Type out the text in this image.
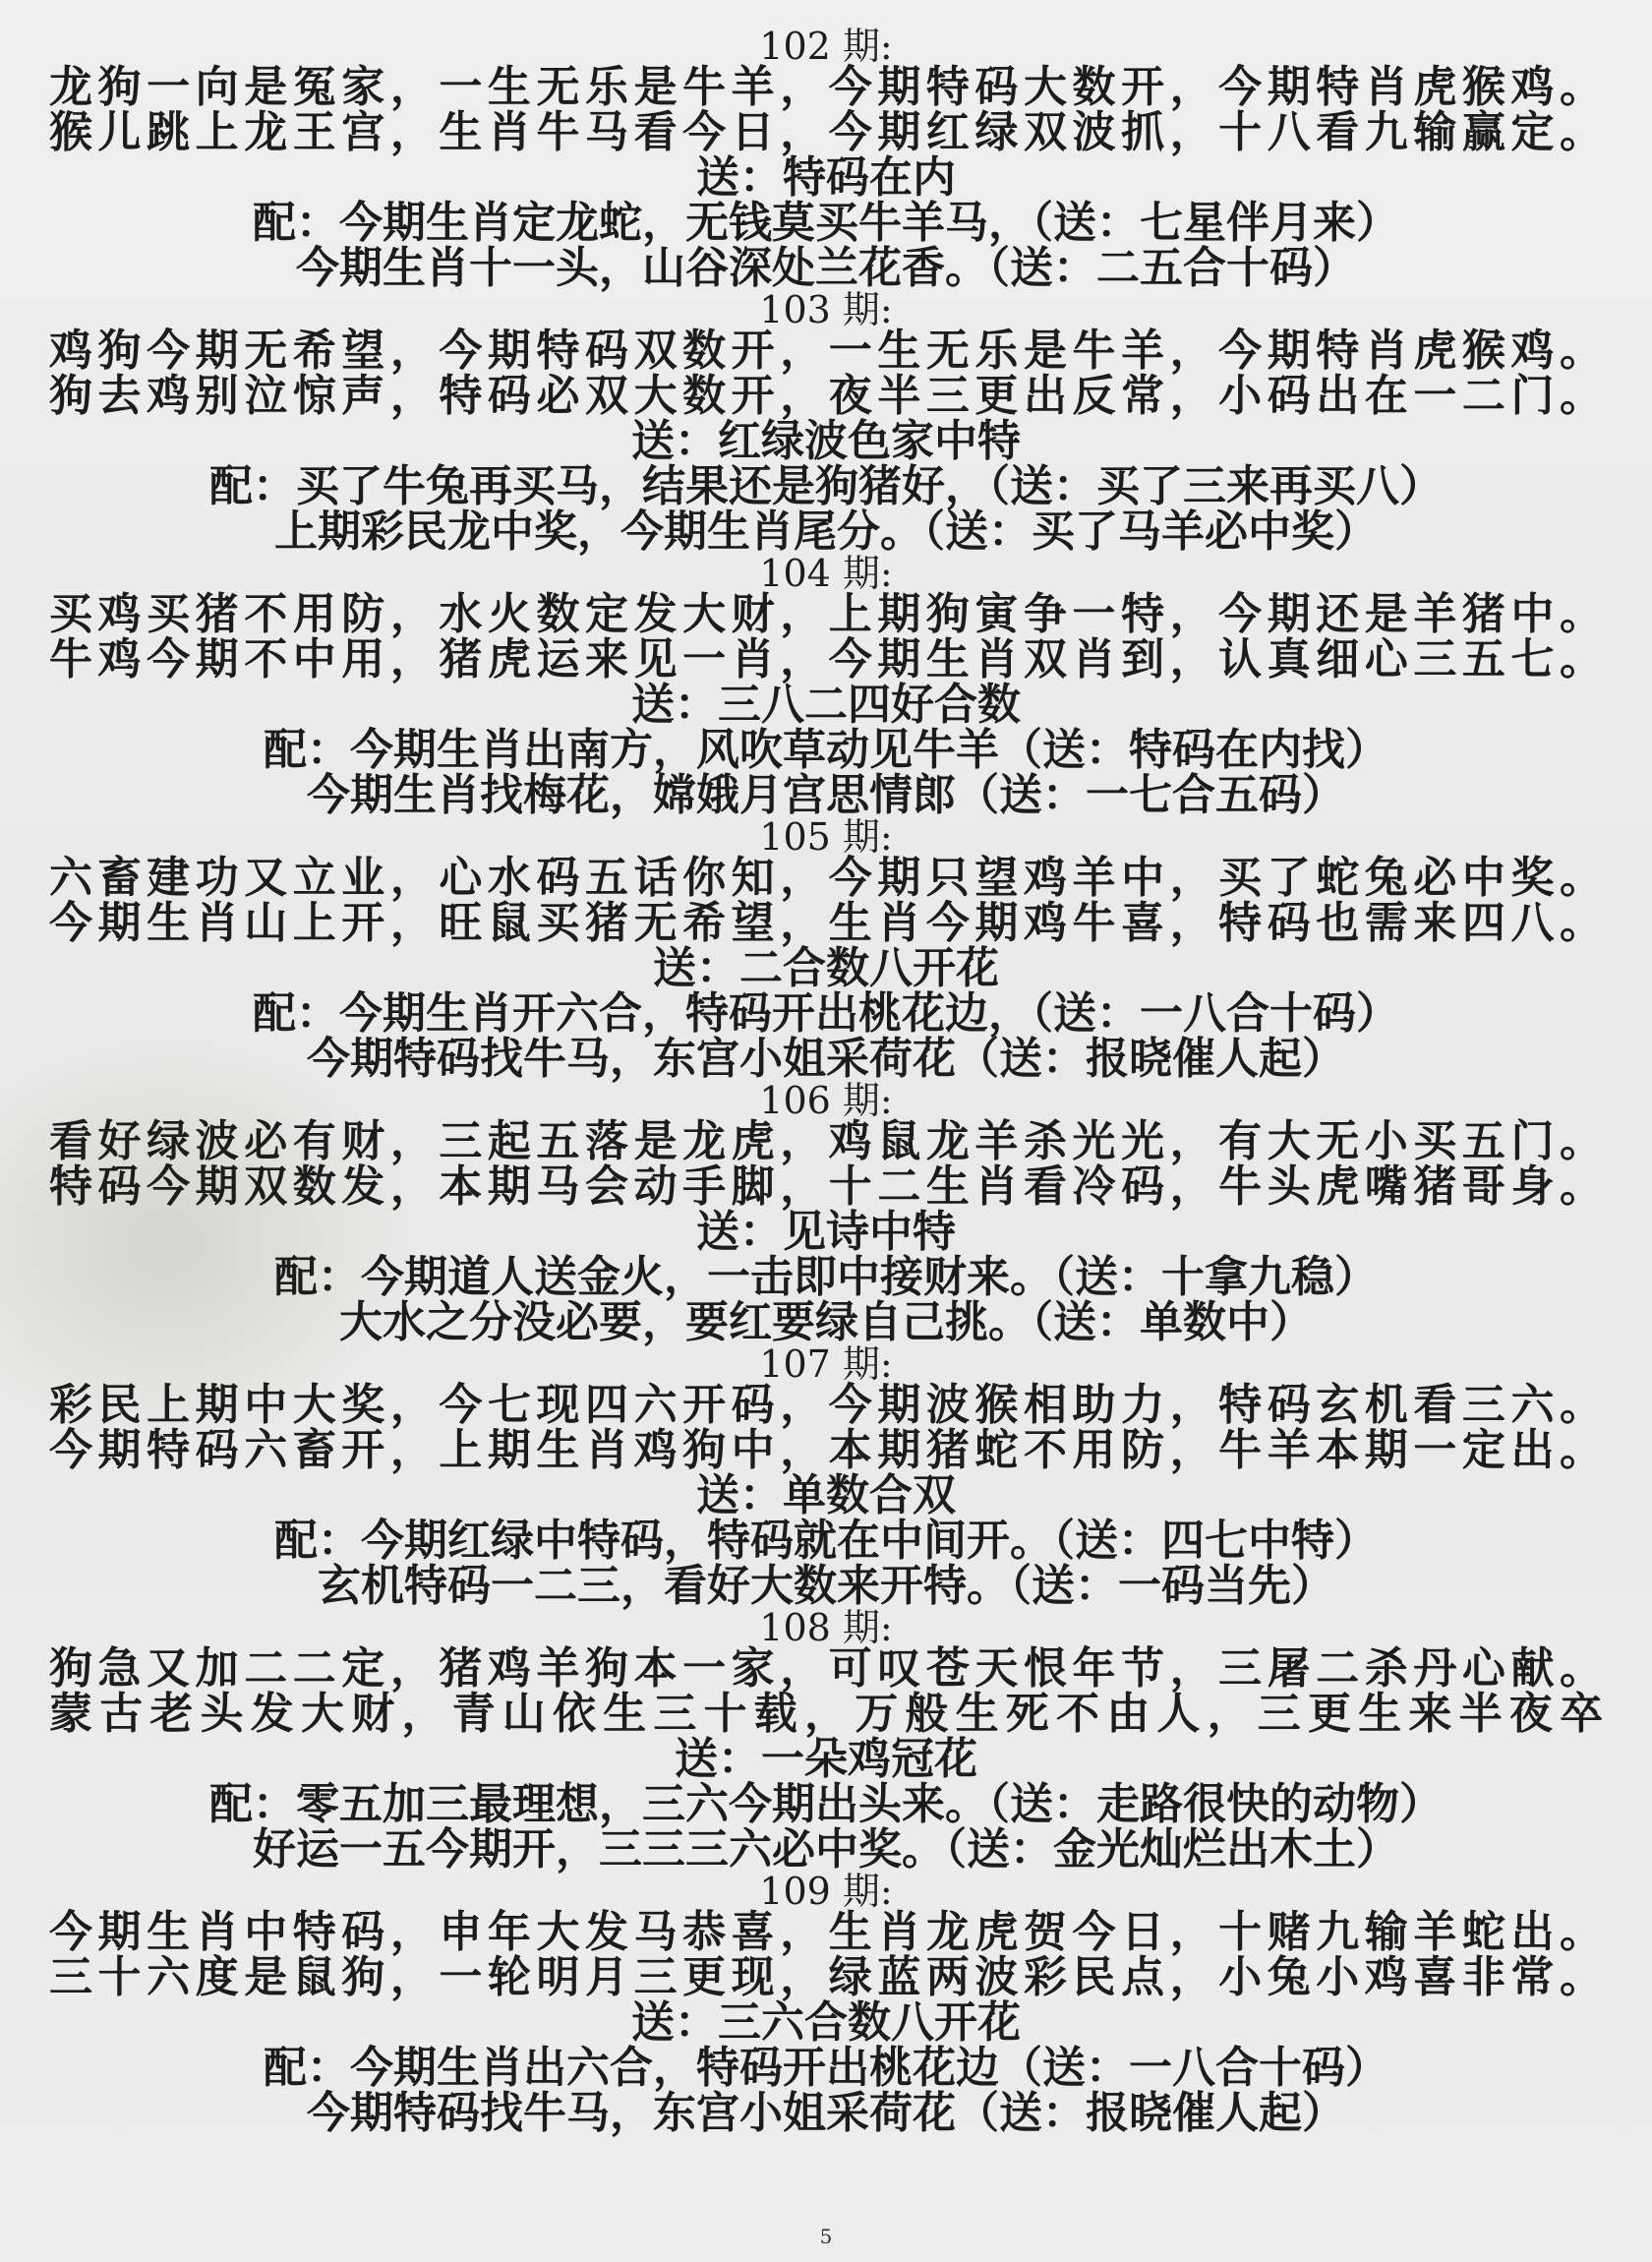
102 期:
龙狗一向是冤家，一生无乐是牛羊，今期特码大数开，今期特肖虎猴鸡。
猴儿跳上龙王宫，生肖牛马看今日，今期红绿双波抓，十八看九输赢定。
送：特码在内
配：今期生肖定龙蛇，无钱莫买牛羊马，（送：七星伴月来）
今期生肖十一头，山谷深处兰花香。（送：二五合十码）
103 期:
鸡狗今期无希望，今期特码双数开，一生无乐是牛羊，今期特肖虎猴鸡。
狗去鸡别泣惊声，特码必双大数开，夜半三更出反常，小码出在一二门。
送：红绿波色家中特
配：买了牛兔再买马，结果还是狗猪好，（送：买了三来再买八）
上期彩民龙中奖，今期生肖尾分。（送：买了马羊必中奖）
104 期:
买鸡买猪不用防，水火数定发大财，上期狗寅争一特，今期还是羊猪中。
牛鸡今期不中用，猪虎运来见一肖，今期生肖双肖到，认真细心三五七。
送：三八二四好合数
配：今期生肖出南方，风吹草动见牛羊（送：特码在内找）
今期生肖找梅花，嫦娥月宫思情郎（送：一七合五码）
105 期:
六畜建功又立业，心水码五话你知，今期只望鸡羊中，买了蛇兔必中奖。
今期生肖山上开，旺鼠买猪无希望，生肖今期鸡牛喜，特码也需来四八。
送：二合数八开花
配：今期生肖开六合，特码开出桃花边，（送：一八合十码）
今期特码找牛马，东宫小姐采荷花（送：报晓催人起）
106 期:
看好绿波必有财，三起五落是龙虎，鸡鼠龙羊杀光光，有大无小买五门。
特码今期双数发，本期马会动手脚，十二生肖看冷码，牛头虎嘴猪哥身。
送：见诗中特
配：今期道人送金火，一击即中接财来。（送：十拿九稳）
大水之分没必要，要红要绿自己挑。（送：单数中）
107 期:
彩民上期中大奖，今七现四六开码，今期波猴相助力，特码玄机看三六。
今期特码六畜开，上期生肖鸡狗中，本期猪蛇不用防，牛羊本期一定出。
送：单数合双
配：今期红绿中特码，特码就在中间开。（送：四七中特）
玄机特码一二三，看好大数来开特。（送：一码当先）
108 期:
狗急又加二二定，猪鸡羊狗本一家，可叹苍天恨年节，三屠二杀丹心献。
蒙古老头发大财，青山依生三十载，万般生死不由人，三更生来半夜卒
送：一朵鸡冠花
配：零五加三最理想，三六今期出头来。（送：走路很快的动物）
好运一五今期开，三三三六必中奖。（送：金光灿烂出木土）
109 期:
今期生肖中特码，申年大发马恭喜，生肖龙虎贺今日，十赌九输羊蛇出。
三十六度是鼠狗，一轮明月三更现，绿蓝两波彩民点，小兔小鸡喜非常。
送：三六合数八开花
配：今期生肖出六合，特码开出桃花边（送：一八合十码）
今期特码找牛马，东宫小姐采荷花（送：报晓催人起）
5
